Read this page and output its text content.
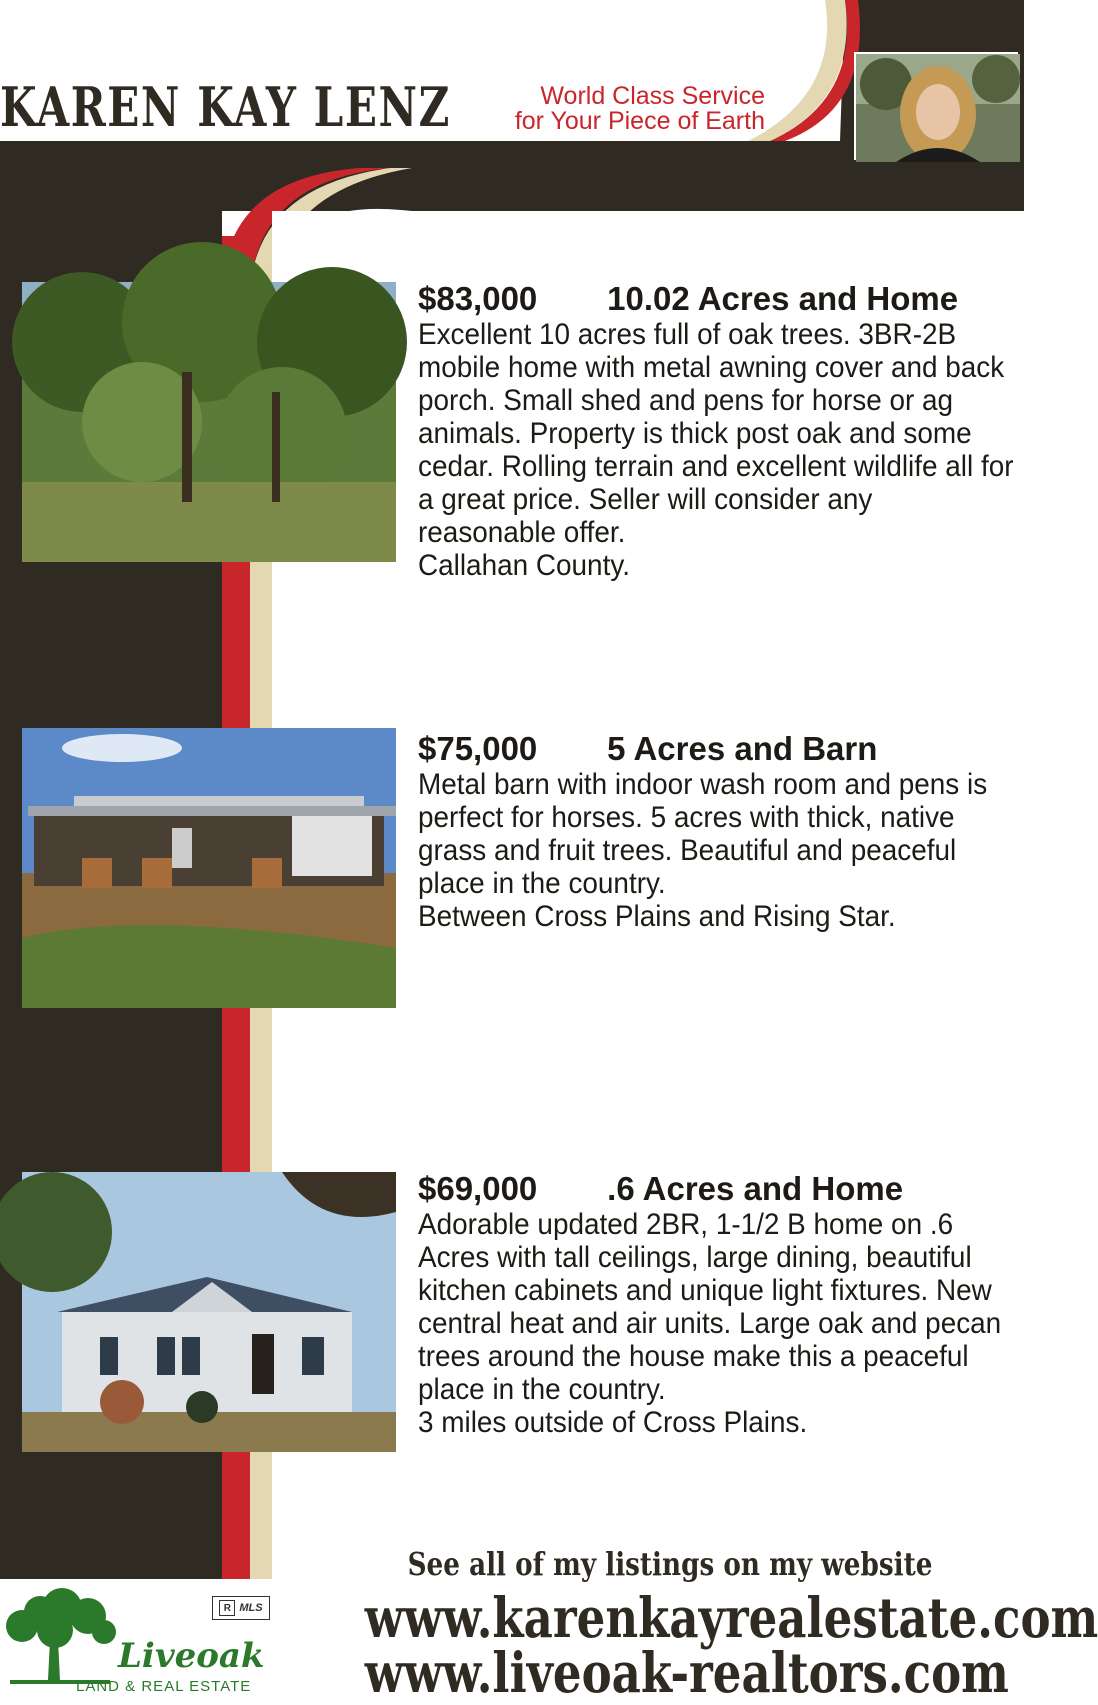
KAREN KAY LENZ	World Class Service
for Your Piece of Earth
$83,000 10.02 Acres and Home
Excellent 10 acres full of oak trees. 3BR-2B mobile home with metal awning cover and back porch. Small shed and pens for horse or ag animals. Property is thick post oak and some cedar. Rolling terrain and excellent wildlife all for a great price. Seller will consider any reasonable offer.
Callahan County.
$75,000 5 Acres and Barn
Metal barn with indoor wash room and pens is perfect for horses. 5 acres with thick, native grass and fruit trees. Beautiful and peaceful place in the country.
Between Cross Plains and Rising Star.
$69,000 .6 Acres and Home
Adorable updated 2BR, 1-1/2 B home on .6 Acres with tall ceilings, large dining, beautiful kitchen cabinets and unique light fixtures. New central heat and air units. Large oak and pecan trees around the house make this a peaceful place in the country.
3 miles outside of Cross Plains.
See all of my listings on my website
www.karenkayrealestate.com
www.liveoak-realtors.com
Liveoak
LAND & REAL ESTATE
R MLS
